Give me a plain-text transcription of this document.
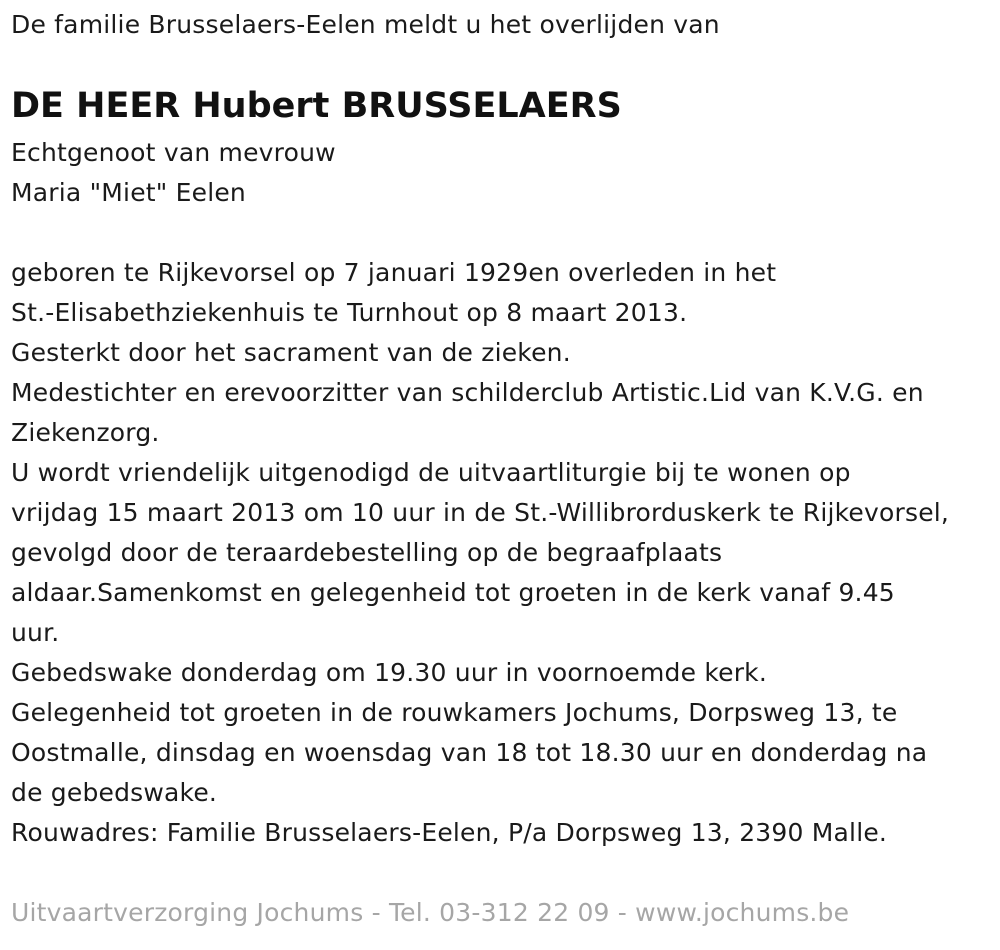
De familie Brusselaers-Eelen meldt u het overlijden van
DE HEER Hubert BRUSSELAERS
Echtgenoot van mevrouw
Maria "Miet" Eelen
geboren te Rijkevorsel op 7 januari 1929en overleden in het
St.-Elisabethziekenhuis te Turnhout op 8 maart 2013.
Gesterkt door het sacrament van de zieken.
Medestichter en erevoorzitter van schilderclub Artistic.Lid van K.V.G. en
Ziekenzorg.
U wordt vriendelijk uitgenodigd de uitvaartliturgie bij te wonen op
vrijdag 15 maart 2013 om 10 uur in de St.-Willibrorduskerk te Rijkevorsel,
gevolgd door de teraardebestelling op de begraafplaats
aldaar.Samenkomst en gelegenheid tot groeten in de kerk vanaf 9.45
uur.
Gebedswake donderdag om 19.30 uur in voornoemde kerk.
Gelegenheid tot groeten in de rouwkamers Jochums, Dorpsweg 13, te
Oostmalle, dinsdag en woensdag van 18 tot 18.30 uur en donderdag na
de gebedswake.
Rouwadres: Familie Brusselaers-Eelen, P/a Dorpsweg 13, 2390 Malle.
Uitvaartverzorging Jochums - Tel. 03-312 22 09 - www.jochums.be
